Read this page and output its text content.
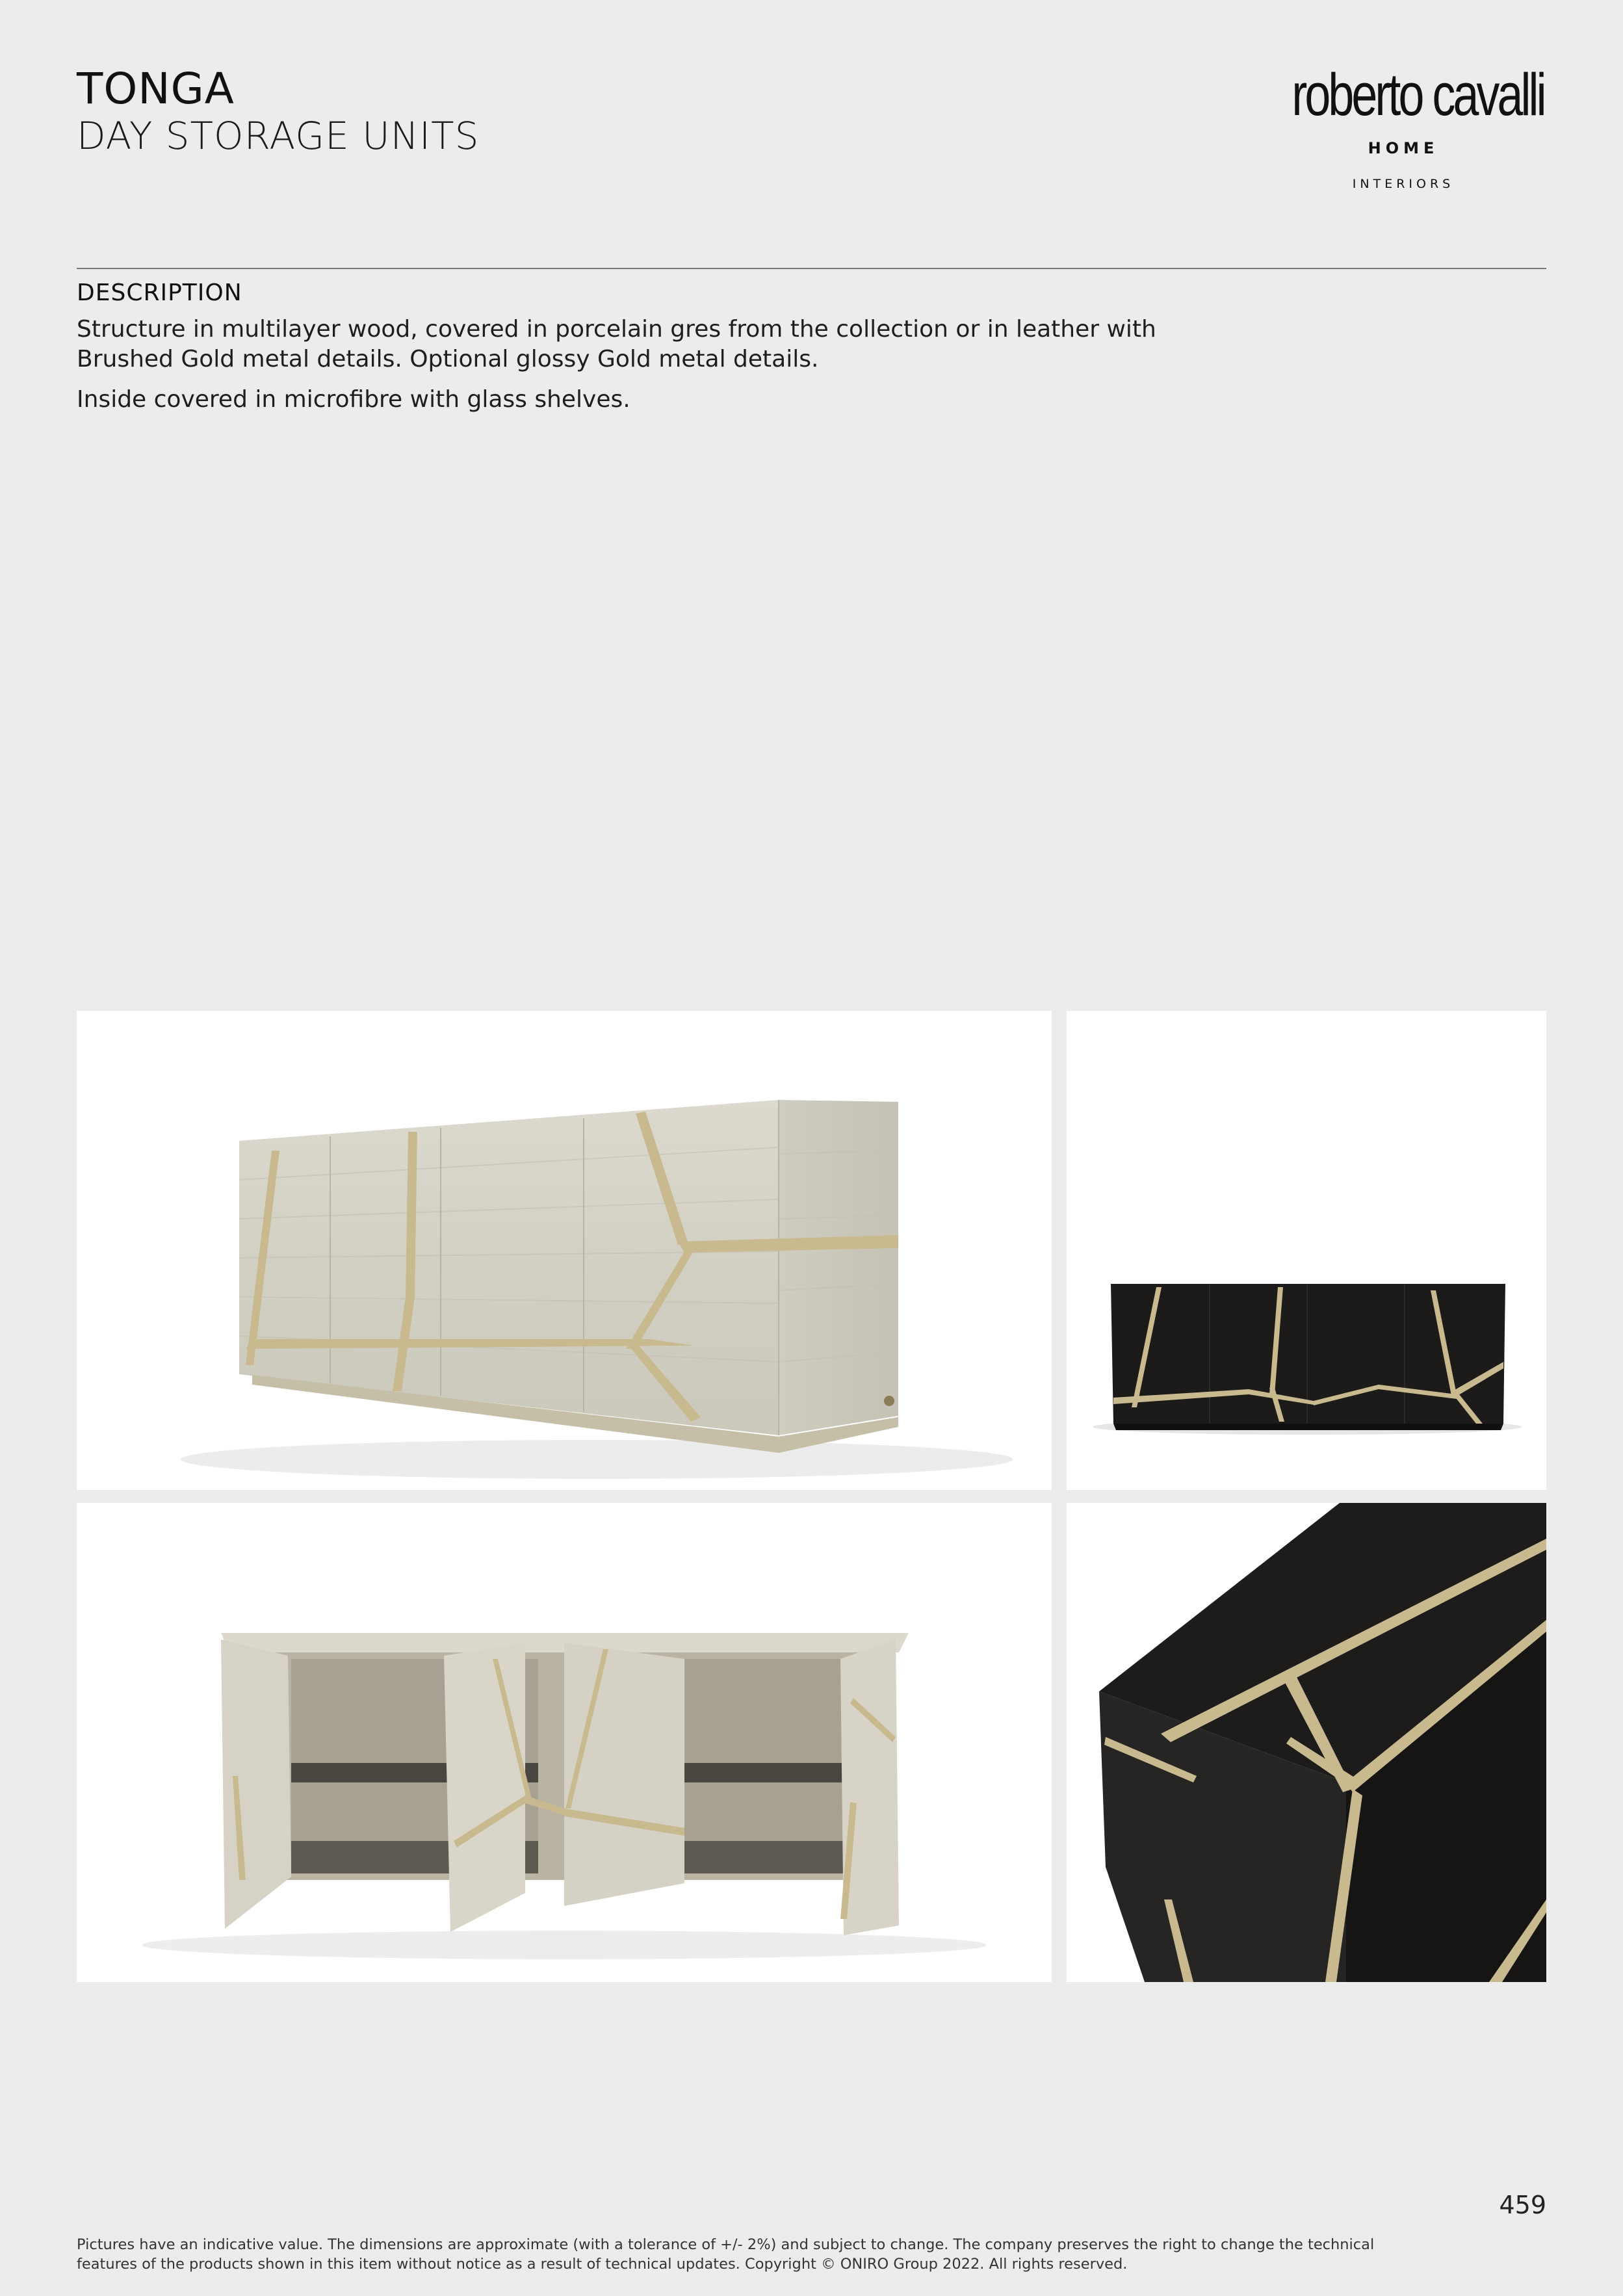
TONGA
DAY STORAGE UNITS
roberto cavalli
HOME
INTERIORS
DESCRIPTION

Structure in multilayer wood, covered in porcelain gres from the collection or in leather with Brushed Gold metal details. Optional glossy Gold metal details.

Inside covered in microfibre with glass shelves.

459
Pictures have an indicative value. The dimensions are approximate (with a tolerance of +/- 2%) and subject to change. The company preserves the right to change the technical features of the products shown in this item without notice as a result of technical updates. Copyright © ONIRO Group 2022. All rights reserved.
